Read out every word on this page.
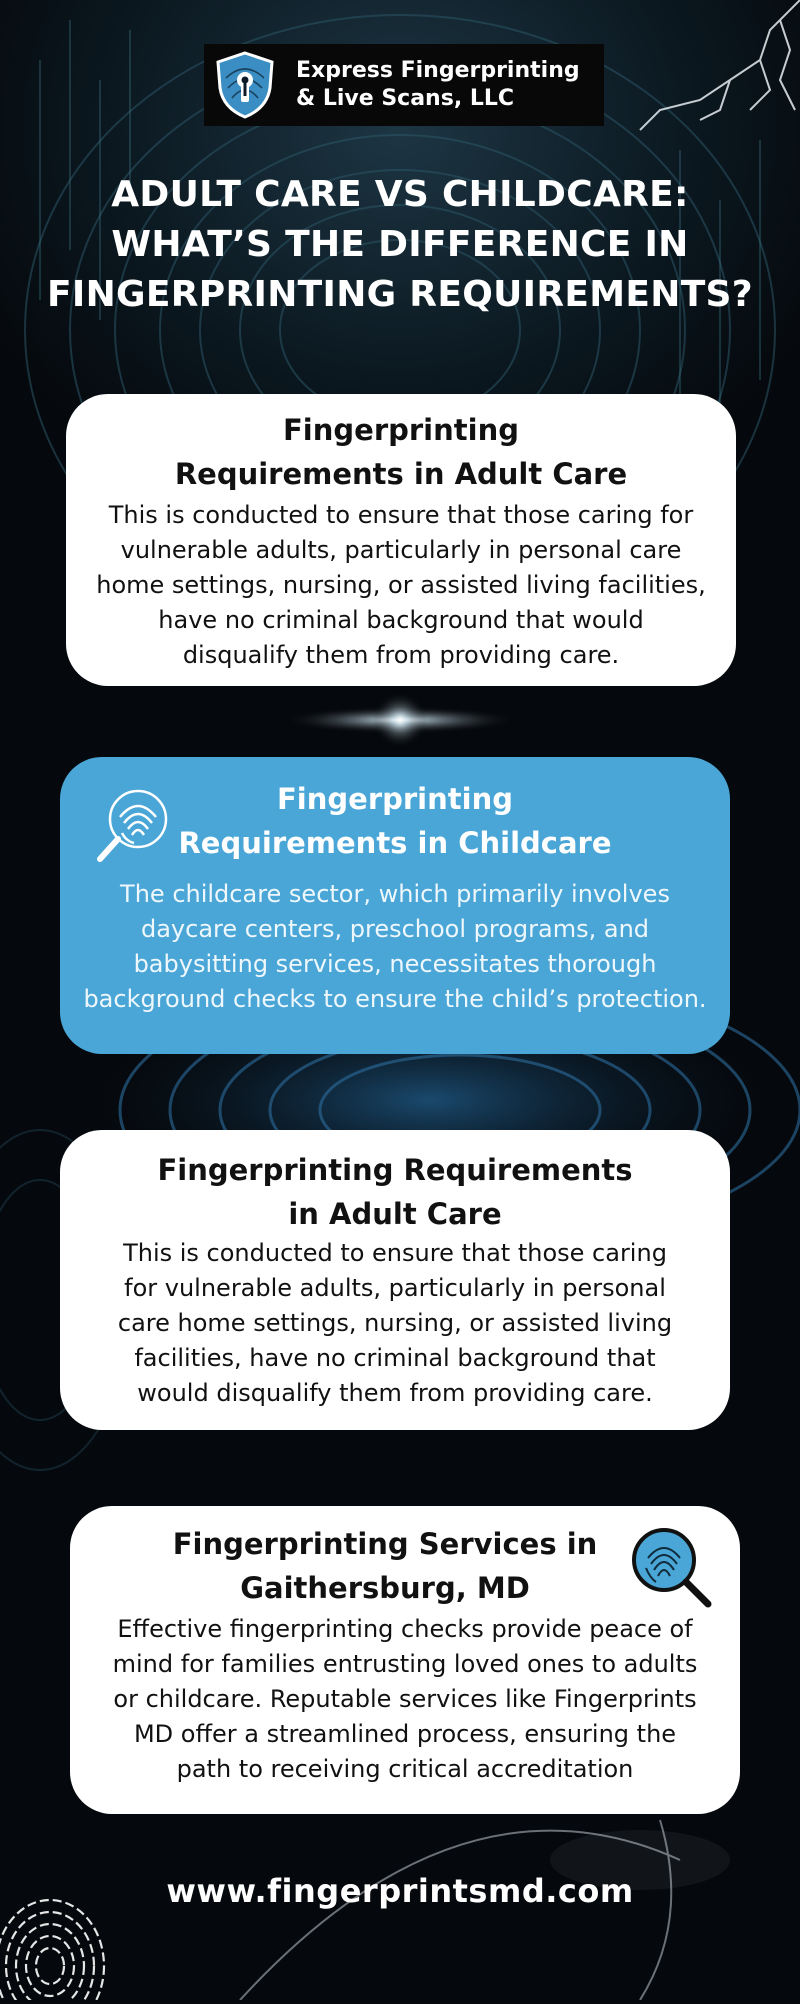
Express Fingerprinting
& Live Scans, LLC
ADULT CARE VS CHILDCARE:
WHAT’S THE DIFFERENCE IN
FINGERPRINTING REQUIREMENTS?
Fingerprinting
Requirements in Adult Care
This is conducted to ensure that those caring for
vulnerable adults, particularly in personal care
home settings, nursing, or assisted living facilities,
have no criminal background that would
disqualify them from providing care.
Fingerprinting
Requirements in Childcare
The childcare sector, which primarily involves
daycare centers, preschool programs, and
babysitting services, necessitates thorough
background checks to ensure the child’s protection.
Fingerprinting Requirements
in Adult Care
This is conducted to ensure that those caring
for vulnerable adults, particularly in personal
care home settings, nursing, or assisted living
facilities, have no criminal background that
would disqualify them from providing care.
Fingerprinting Services in
Gaithersburg, MD
Effective fingerprinting checks provide peace of
mind for families entrusting loved ones to adults
or childcare. Reputable services like Fingerprints
MD offer a streamlined process, ensuring the
path to receiving critical accreditation
www.fingerprintsmd.com
